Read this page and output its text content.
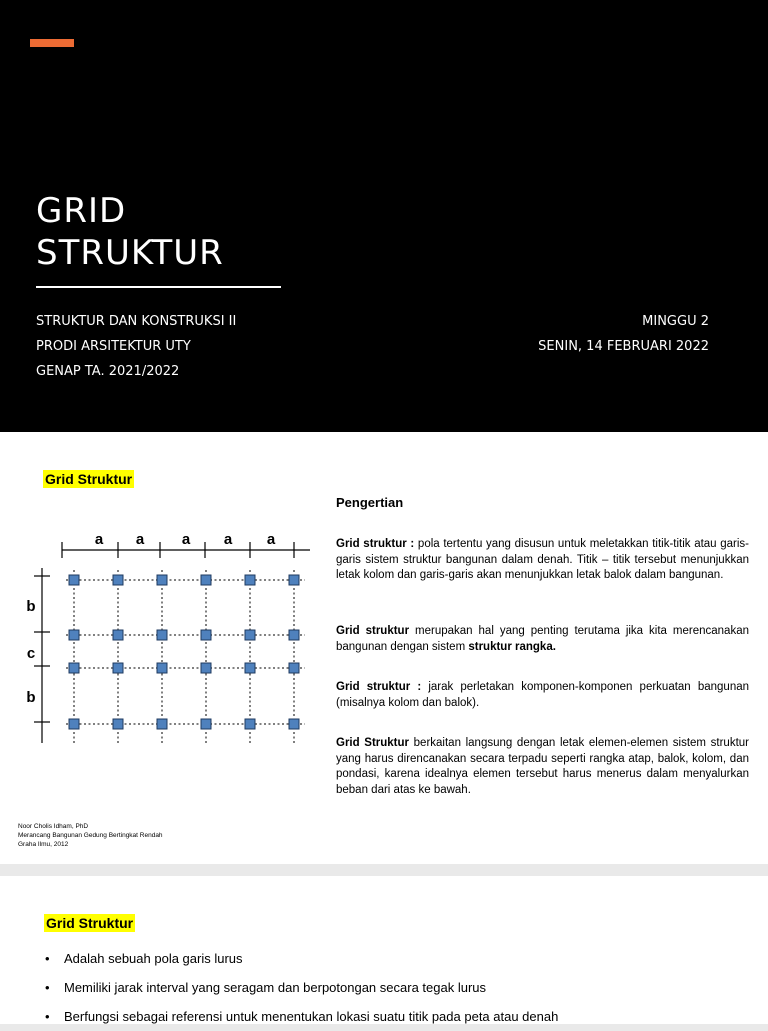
GRID
STRUKTUR
STRUKTUR DAN KONSTRUKSI II
PRODI ARSITEKTUR UTY
GENAP TA. 2021/2022
MINGGU 2
SENIN, 14 FEBRUARI 2022
Grid Struktur
a a	a a a
b
c
b
Pengertian

Grid struktur : pola tertentu yang disusun untuk meletakkan titik-titik atau garis-garis sistem struktur bangunan dalam denah. Titik – titik tersebut menunjukkan letak kolom dan garis-garis akan menunjukkan letak balok dalam bangunan.

Grid struktur merupakan hal yang penting terutama jika kita merencanakan bangunan dengan sistem struktur rangka.

Grid struktur : jarak perletakan komponen-komponen perkuatan bangunan (misalnya kolom dan balok).

Grid Struktur berkaitan langsung dengan letak elemen-elemen sistem struktur yang harus direncanakan secara terpadu seperti rangka atap, balok, kolom, dan pondasi, karena idealnya elemen tersebut harus menerus dalam menyalurkan beban dari atas ke bawah.

Noor Cholis Idham, PhD
Merancang Bangunan Gedung Bertingkat Rendah
Graha Ilmu, 2012
Grid Struktur
• Adalah sebuah pola garis lurus
• Memiliki jarak interval yang seragam dan berpotongan secara tegak lurus
• Berfungsi sebagai referensi untuk menentukan lokasi suatu titik pada peta atau denah
